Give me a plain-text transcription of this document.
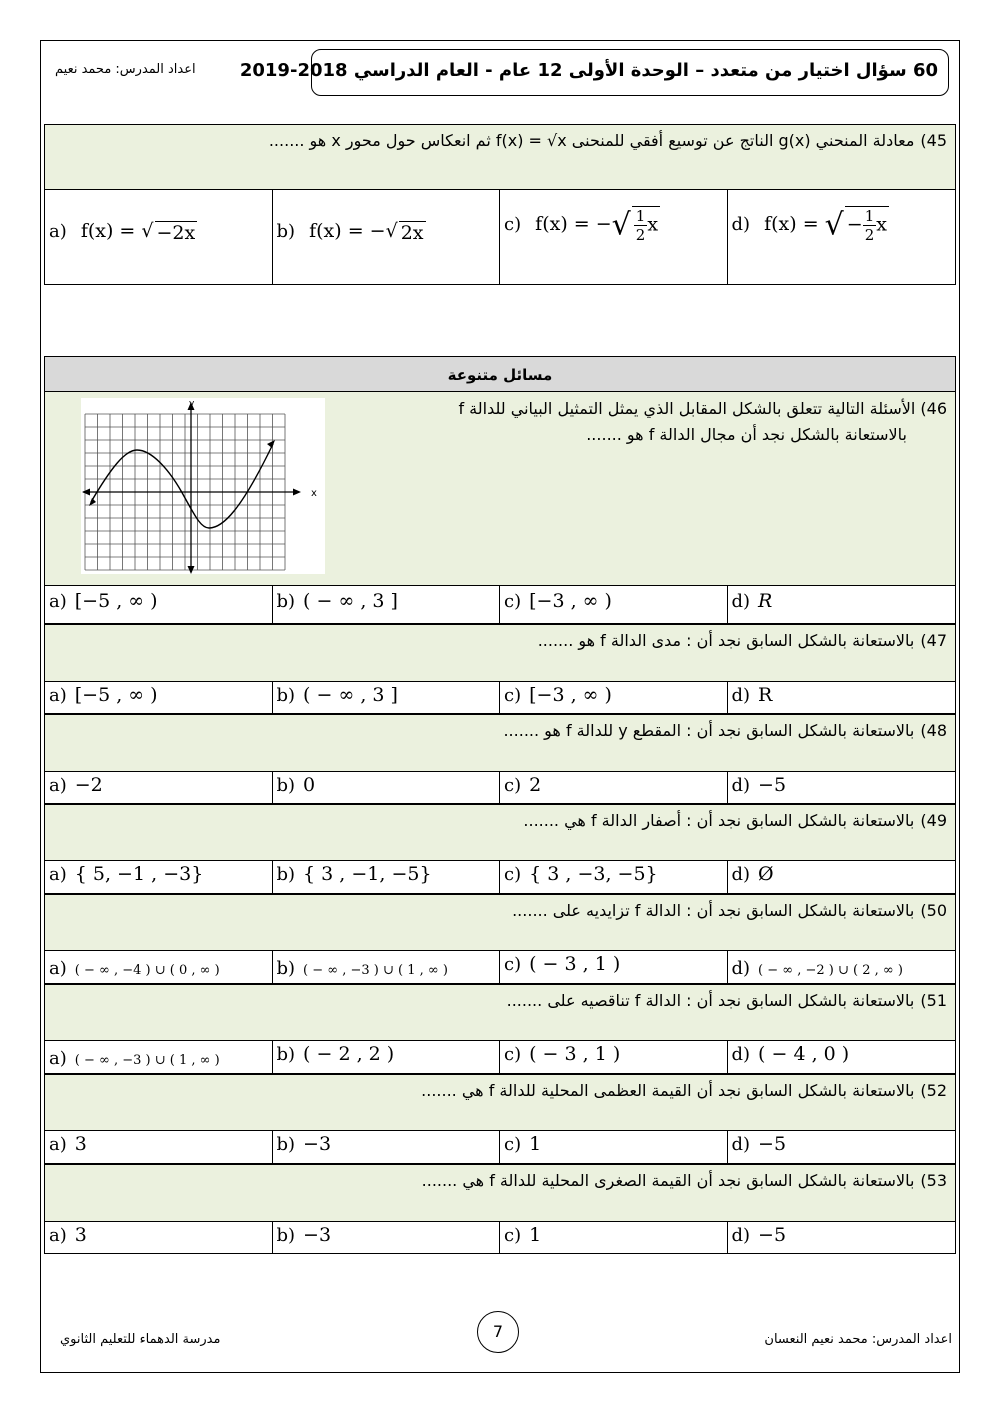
60 سؤال اختيار من متعدد – الوحدة الأولى 12 عام - العام الدراسي 2018-2019
اعداد المدرس: محمد نعيم
45)معادلة المنحني g(x) الناتج عن توسيع أفقي للمنحنى f(x) = √x ثم انعكاس حول محور x هو .......
a) f(x) = √ −2x	b) f(x) = −√ 2x	c) f(x) = −√ $\frac{1}{2}$ x	d) f(x) = √ − $\frac{1}{2}$ x
مسائل متنوعة
46) الأسئلة التالية تتعلق بالشكل المقابل الذي يمثل التمثيل البياني للدالة f
بالاستعانة بالشكل نجد أن مجال الدالة f هو .......
x
y
a) [−5 , ∞ )	b) ( − ∞ , 3 ]	c) [−3 , ∞ )	d) R
47)بالاستعانة بالشكل السابق نجد أن : مدى الدالة f هو .......
a) [−5 , ∞ )	b) ( − ∞ , 3 ]	c) [−3 , ∞ )	d) R
48)بالاستعانة بالشكل السابق نجد أن : المقطع y للدالة f هو .......
a) −2	b) 0	c) 2	d) −5
49)بالاستعانة بالشكل السابق نجد أن : أصفار الدالة f هي .......
a) { 5, −1 , −3}	b) { 3 , −1, −5}	c) { 3 , −3, −5}	d) Ø
50)بالاستعانة بالشكل السابق نجد أن : الدالة f تزايديه على .......
a) ( − ∞ , −4 ) ∪ ( 0 , ∞ )	b) ( − ∞ , −3 ) ∪ ( 1 , ∞ )	c) ( − 3 , 1 )	d) ( − ∞ , −2 ) ∪ ( 2 , ∞ )
51)بالاستعانة بالشكل السابق نجد أن : الدالة f تناقصيه على .......
a) ( − ∞ , −3 ) ∪ ( 1 , ∞ )	b) ( − 2 , 2 )	c) ( − 3 , 1 )	d) ( − 4 , 0 )
52)بالاستعانة بالشكل السابق نجد أن القيمة العظمى المحلية للدالة f هي .......
a) 3	b) −3	c) 1	d) −5
53)بالاستعانة بالشكل السابق نجد أن القيمة الصغرى المحلية للدالة f هي .......
a) 3	b) −3	c) 1	d) −5
7
مدرسة الدهماء للتعليم الثانوي	اعداد المدرس: محمد نعيم النعسان
